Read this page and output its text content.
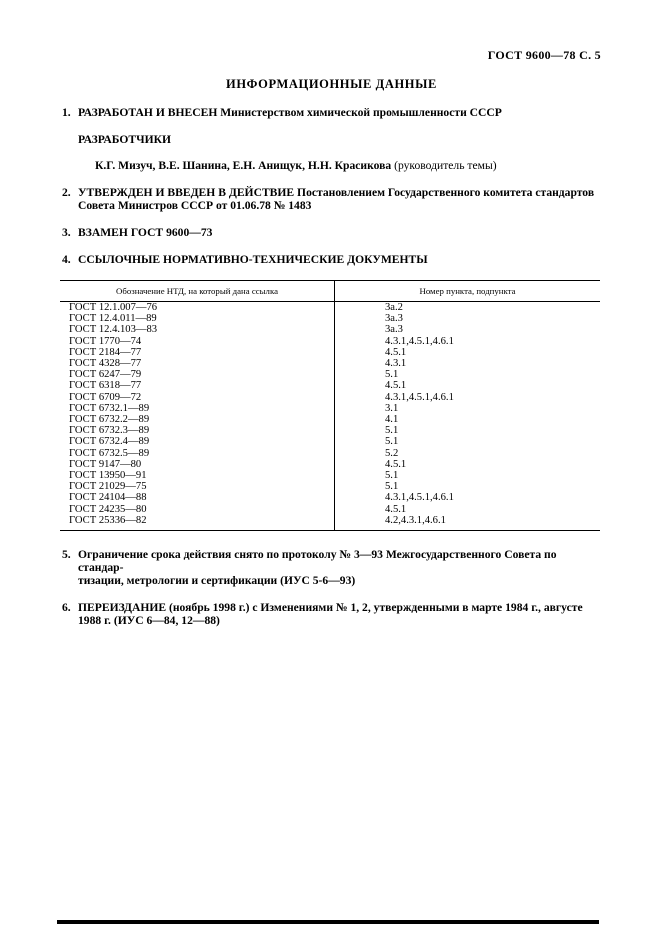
ГОСТ 9600—78 С. 5
ИНФОРМАЦИОННЫЕ ДАННЫЕ
1. РАЗРАБОТАН И ВНЕСЕН Министерством химической промышленности СССР
РАЗРАБОТЧИКИ
К.Г. Мизуч, В.Е. Шанина, Е.Н. Анищук, Н.Н. Красикова (руководитель темы)
2. УТВЕРЖДЕН И ВВЕДЕН В ДЕЙСТВИЕ Постановлением Государственного комитета стандартов
Совета Министров СССР от 01.06.78 № 1483
3. ВЗАМЕН ГОСТ 9600—73
4. ССЫЛОЧНЫЕ НОРМАТИВНО-ТЕХНИЧЕСКИЕ ДОКУМЕНТЫ
Обозначение НТД, на который дана ссылка	Номер пункта, подпункта
ГОСТ 12.1.007—76	3а.2
ГОСТ 12.4.011—89	3а.3
ГОСТ 12.4.103—83	3а.3
ГОСТ 1770—74	4.3.1,4.5.1,4.6.1
ГОСТ 2184—77	4.5.1
ГОСТ 4328—77	4.3.1
ГОСТ 6247—79	5.1
ГОСТ 6318—77	4.5.1
ГОСТ 6709—72	4.3.1,4.5.1,4.6.1
ГОСТ 6732.1—89	3.1
ГОСТ 6732.2—89	4.1
ГОСТ 6732.3—89	5.1
ГОСТ 6732.4—89	5.1
ГОСТ 6732.5—89	5.2
ГОСТ 9147—80	4.5.1
ГОСТ 13950—91	5.1
ГОСТ 21029—75	5.1
ГОСТ 24104—88	4.3.1,4.5.1,4.6.1
ГОСТ 24235—80	4.5.1
ГОСТ 25336—82	4.2,4.3.1,4.6.1
5. Ограничение срока действия снято по протоколу № 3—93 Межгосударственного Совета по стандар-
тизации, метрологии и сертификации (ИУС 5-6—93)
6. ПЕРЕИЗДАНИЕ (ноябрь 1998 г.) с Изменениями № 1, 2, утвержденными в марте 1984 г., августе
1988 г. (ИУС 6—84, 12—88)
